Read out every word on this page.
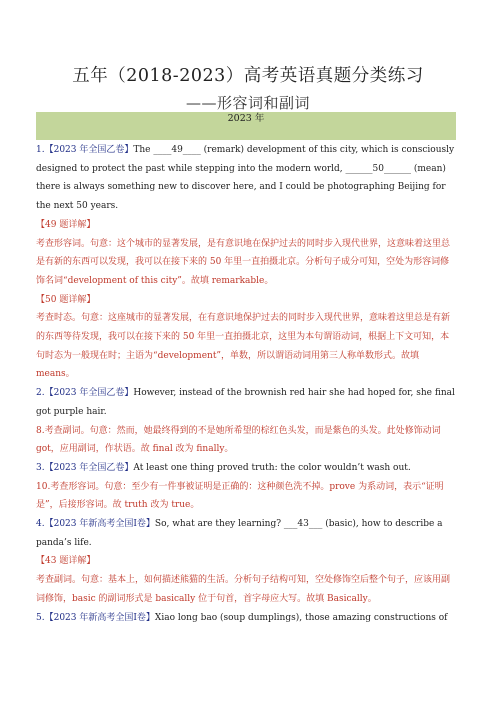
五年（2018-2023）高考英语真题分类练习
——形容词和副词
2023 年

1.【2023 年全国乙卷】The ____49____ (remark) development of this city, which is consciously designed to protect the past while stepping into the modern world, ______50______ (mean) there is always something new to discover here, and I could be photographing Beijing for the next 50 years.

【49 题详解】

考查形容词。句意：这个城市的显著发展，是有意识地在保护过去的同时步入现代世界，这意味着这里总是有新的东西可以发现，我可以在接下来的 50 年里一直拍摄北京。分析句子成分可知，空处为形容词修饰名词“development of this city”。故填 remarkable。

【50 题详解】

考查时态。句意：这座城市的显著发展，在有意识地保护过去的同时步入现代世界，意味着这里总是有新的东西等待发现，我可以在接下来的 50 年里一直拍摄北京，这里为本句谓语动词，根据上下文可知，本句时态为一般现在时；主语为“development”，单数，所以谓语动词用第三人称单数形式。故填 means。

2.【2023 年全国乙卷】However, instead of the brownish red hair she had hoped for, she final got purple hair.

8.考查副词。句意：然而，她最终得到的不是她所希望的棕红色头发，而是紫色的头发。此处修饰动词 got，应用副词，作状语。故 final 改为 finally。

3.【2023 年全国乙卷】At least one thing proved truth: the color wouldn’t wash out.

10.考查形容词。句意：至少有一件事被证明是正确的：这种颜色洗不掉。prove 为系动词，表示“证明是”，后接形容词。故 truth 改为 true。

4.【2023 年新高考全国Ⅰ卷】So, what are they learning? ___43___ (basic), how to describe a panda’s life.

【43 题详解】

考查副词。句意：基本上，如何描述熊猫的生活。分析句子结构可知，空处修饰空后整个句子，应该用副词修饰，basic 的副词形式是 basically 位于句首，首字母应大写。故填 Basically。

5.【2023 年新高考全国Ⅰ卷】Xiao long bao (soup dumplings), those amazing constructions of
